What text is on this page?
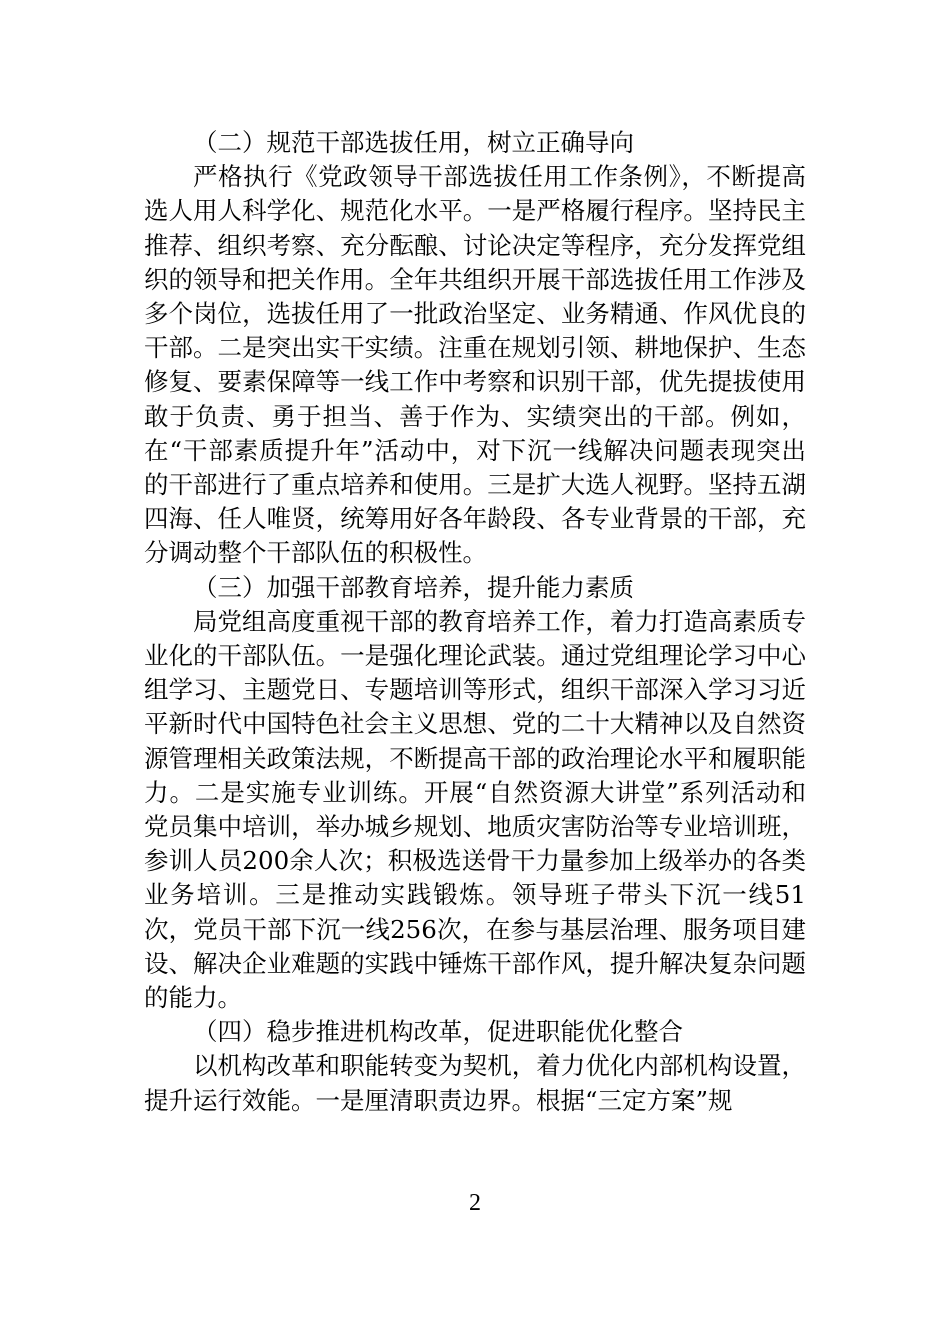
（二）规范干部选拔任用，树立正确导向

严格执行《党政领导干部选拔任用工作条例》，不断提高选人用人科学化、规范化水平。一是严格履行程序。坚持民主推荐、组织考察、充分酝酿、讨论决定等程序，充分发挥党组织的领导和把关作用。全年共组织开展干部选拔任用工作涉及多个岗位，选拔任用了一批政治坚定、业务精通、作风优良的干部。二是突出实干实绩。注重在规划引领、耕地保护、生态修复、要素保障等一线工作中考察和识别干部，优先提拔使用敢于负责、勇于担当、善于作为、实绩突出的干部。例如，在“干部素质提升年”活动中，对下沉一线解决问题表现突出的干部进行了重点培养和使用。三是扩大选人视野。坚持五湖四海、任人唯贤，统筹用好各年龄段、各专业背景的干部，充分调动整个干部队伍的积极性。

（三）加强干部教育培养，提升能力素质

局党组高度重视干部的教育培养工作，着力打造高素质专业化的干部队伍。一是强化理论武装。通过党组理论学习中心组学习、主题党日、专题培训等形式，组织干部深入学习习近平新时代中国特色社会主义思想、党的二十大精神以及自然资源管理相关政策法规，不断提高干部的政治理论水平和履职能力。二是实施专业训练。开展“自然资源大讲堂”系列活动和党员集中培训，举办城乡规划、地质灾害防治等专业培训班，参训人员200余人次；积极选送骨干力量参加上级举办的各类业务培训。三是推动实践锻炼。领导班子带头下沉一线51次，党员干部下沉一线256次，在参与基层治理、服务项目建设、解决企业难题的实践中锤炼干部作风，提升解决复杂问题的能力。

（四）稳步推进机构改革，促进职能优化整合

以机构改革和职能转变为契机，着力优化内部机构设置，提升运行效能。一是厘清职责边界。根据“三定方案”规

2
